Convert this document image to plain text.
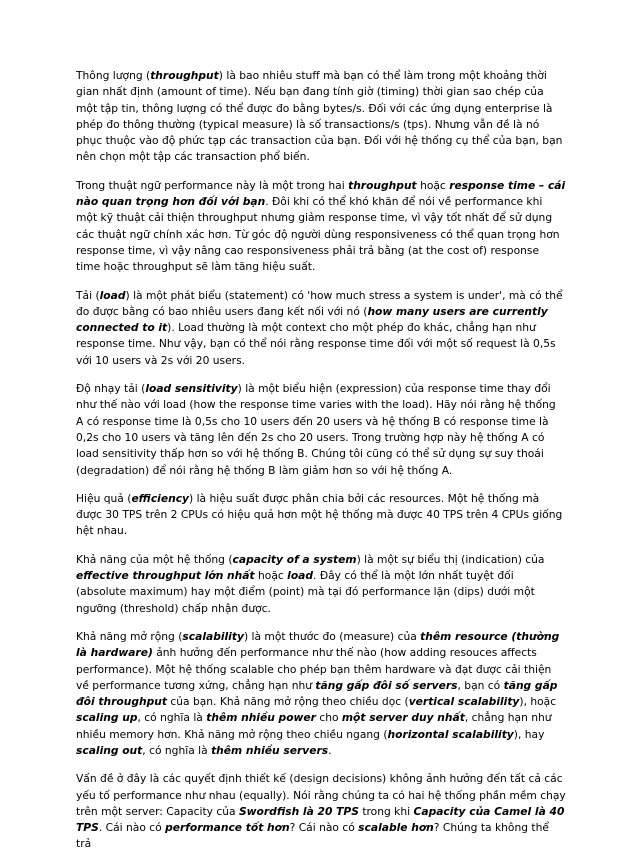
Thông lượng (throughput) là bao nhiêu stuff mà bạn có thể làm trong một khoảng thời gian nhất định (amount of time). Nếu bạn đang tính giờ (timing) thời gian sao chép của một tập tin, thông lượng có thể được đo bằng bytes/s. Đối với các ứng dụng enterprise là phép đo thông thường (typical measure) là số transactions/s (tps). Nhưng vẫn đề là nó phục thuộc vào độ phức tạp các transaction của bạn. Đối với hệ thống cụ thể của bạn, bạn nên chọn một tập các transaction phổ biến.

Trong thuật ngữ performance này là một trong hai throughput hoặc response time – cái nào quan trọng hơn đối với bạn. Đôi khi có thể khó khăn để nói về performance khi một kỹ thuật cải thiện throughput nhưng giảm response time, vì vậy tốt nhất để sử dụng các thuật ngữ chính xác hơn. Từ góc độ người dùng responsiveness có thể quan trọng hơn response time, vì vậy nâng cao responsiveness phải trả bằng (at the cost of) response time hoặc throughput sẽ làm tăng hiệu suất.

Tải (load) là một phát biểu (statement) có 'how much stress a system is under', mà có thể đo được bằng có bao nhiêu users đang kết nối với nó (how many users are currently connected to it). Load thường là một context cho một phép đo khác, chẳng hạn như response time. Như vậy, bạn có thể nói rằng response time đối với một số request là 0,5s với 10 users và 2s với 20 users.

Độ nhạy tải (load sensitivity) là một biểu hiện (expression) của response time thay đổi như thế nào với load (how the response time varies with the load). Hãy nói rằng hệ thống A có response time là 0,5s cho 10 users đến 20 users và hệ thống B có response time là 0,2s cho 10 users và tăng lên đến 2s cho 20 users. Trong trường hợp này hệ thống A có load sensitivity thấp hơn so với hệ thống B. Chúng tôi cũng có thể sử dụng sự suy thoái (degradation) để nói rằng hệ thống B làm giảm hơn so với hệ thống A.

Hiệu quả (efficiency) là hiệu suất được phân chia bởi các resources. Một hệ thống mà được 30 TPS trên 2 CPUs có hiệu quả hơn một hệ thống mà được 40 TPS trên 4 CPUs giống hệt nhau.

Khả năng của một hệ thống (capacity of a system) là một sự biểu thị (indication) của effective throughput lớn nhất hoặc load. Đây có thể là một lớn nhất tuyệt đối (absolute maximum) hay một điểm (point) mà tại đó performance lặn (dips) dưới một ngưỡng (threshold) chấp nhận được.

Khả năng mở rộng (scalability) là một thước đo (measure) của thêm resource (thường là hardware) ảnh hưởng đến performance như thế nào (how adding resouces affects performance). Một hệ thống scalable cho phép bạn thêm hardware và đạt được cải thiện về performance tương xứng, chẳng hạn như tăng gấp đôi số servers, bạn có tăng gấp đôi throughput của bạn. Khả năng mở rộng theo chiều dọc (vertical scalability), hoặc scaling up, có nghĩa là thêm nhiều power cho một server duy nhất, chẳng hạn như nhiều memory hơn. Khả năng mở rộng theo chiều ngang (horizontal scalability), hay scaling out, có nghĩa là thêm nhiều servers.

Vấn đề ở đây là các quyết định thiết kế (design decisions) không ảnh hưởng đến tất cả các yếu tố performance như nhau (equally). Nói rằng chúng ta có hai hệ thống phần mềm chạy trên một server: Capacity của Swordfish là 20 TPS trong khi Capacity của Camel là 40 TPS. Cái nào có performance tốt hơn? Cái nào có scalable hơn? Chúng ta không thể trả
